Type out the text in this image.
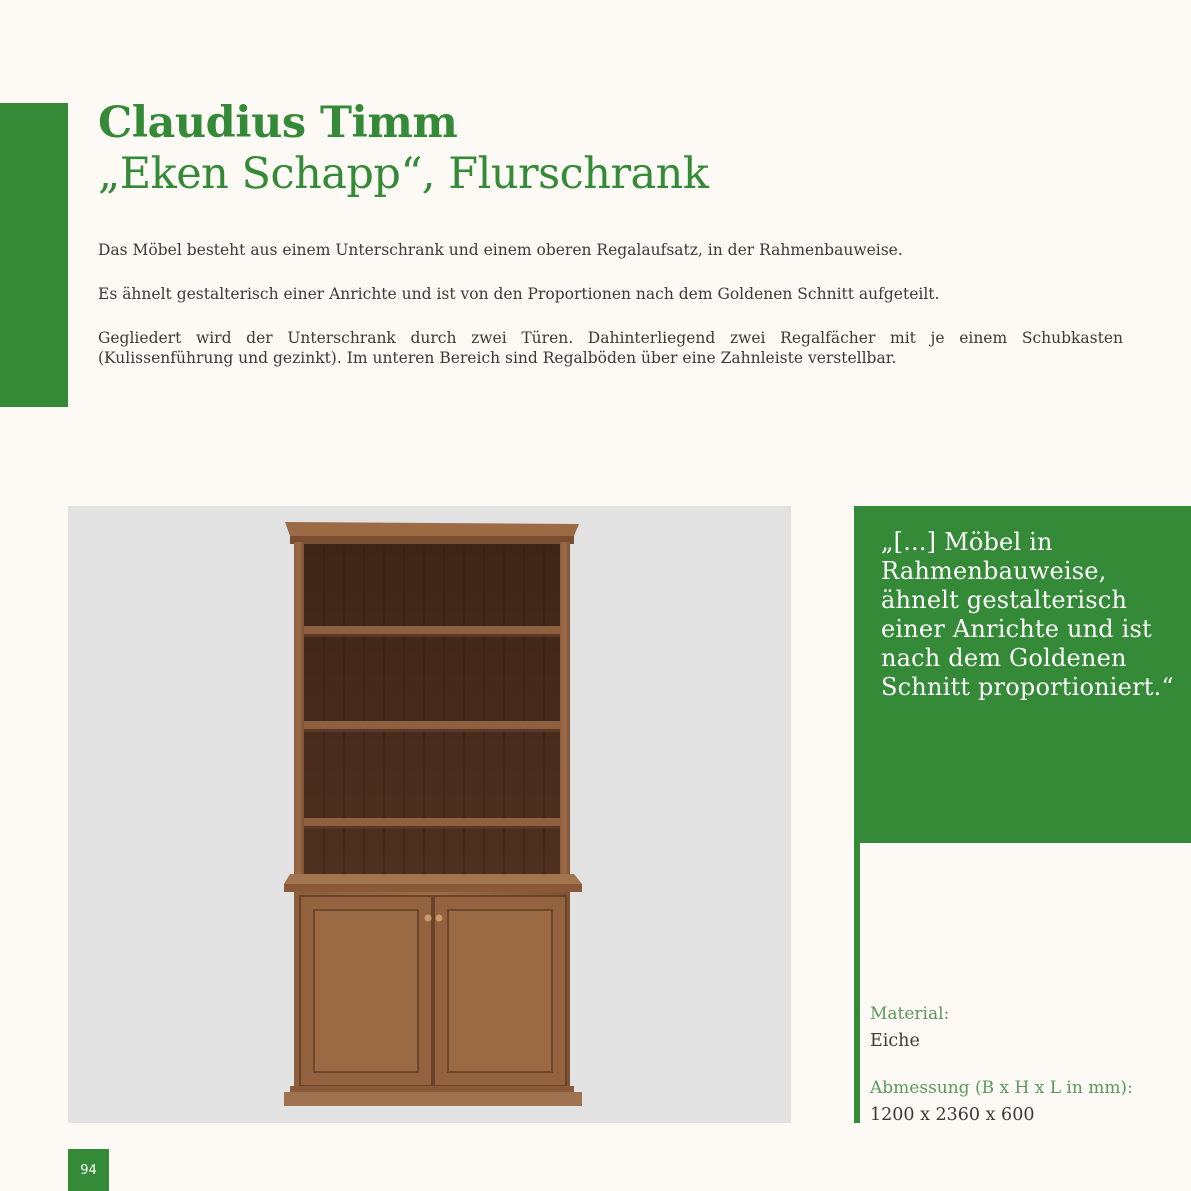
Claudius Timm
„Eken Schapp“, Flurschrank

Das Möbel besteht aus einem Unterschrank und einem oberen Regalaufsatz, in der Rahmenbauweise.

Es ähnelt gestalterisch einer Anrichte und ist von den Proportionen nach dem Goldenen Schnitt aufgeteilt.

Gegliedert wird der Unterschrank durch zwei Türen. Dahinterliegend zwei Regalfächer mit je einem Schubkasten (Kulissenführung und gezinkt). Im unteren Bereich sind Regalböden über eine Zahnleiste verstellbar.

„[...] Möbel in Rahmenbauweise, ähnelt gestalterisch einer Anrichte und ist nach dem Goldenen Schnitt proportioniert.“

Material:

Eiche

Abmessung (B x H x L in mm):

1200 x 2360 x 600

94
